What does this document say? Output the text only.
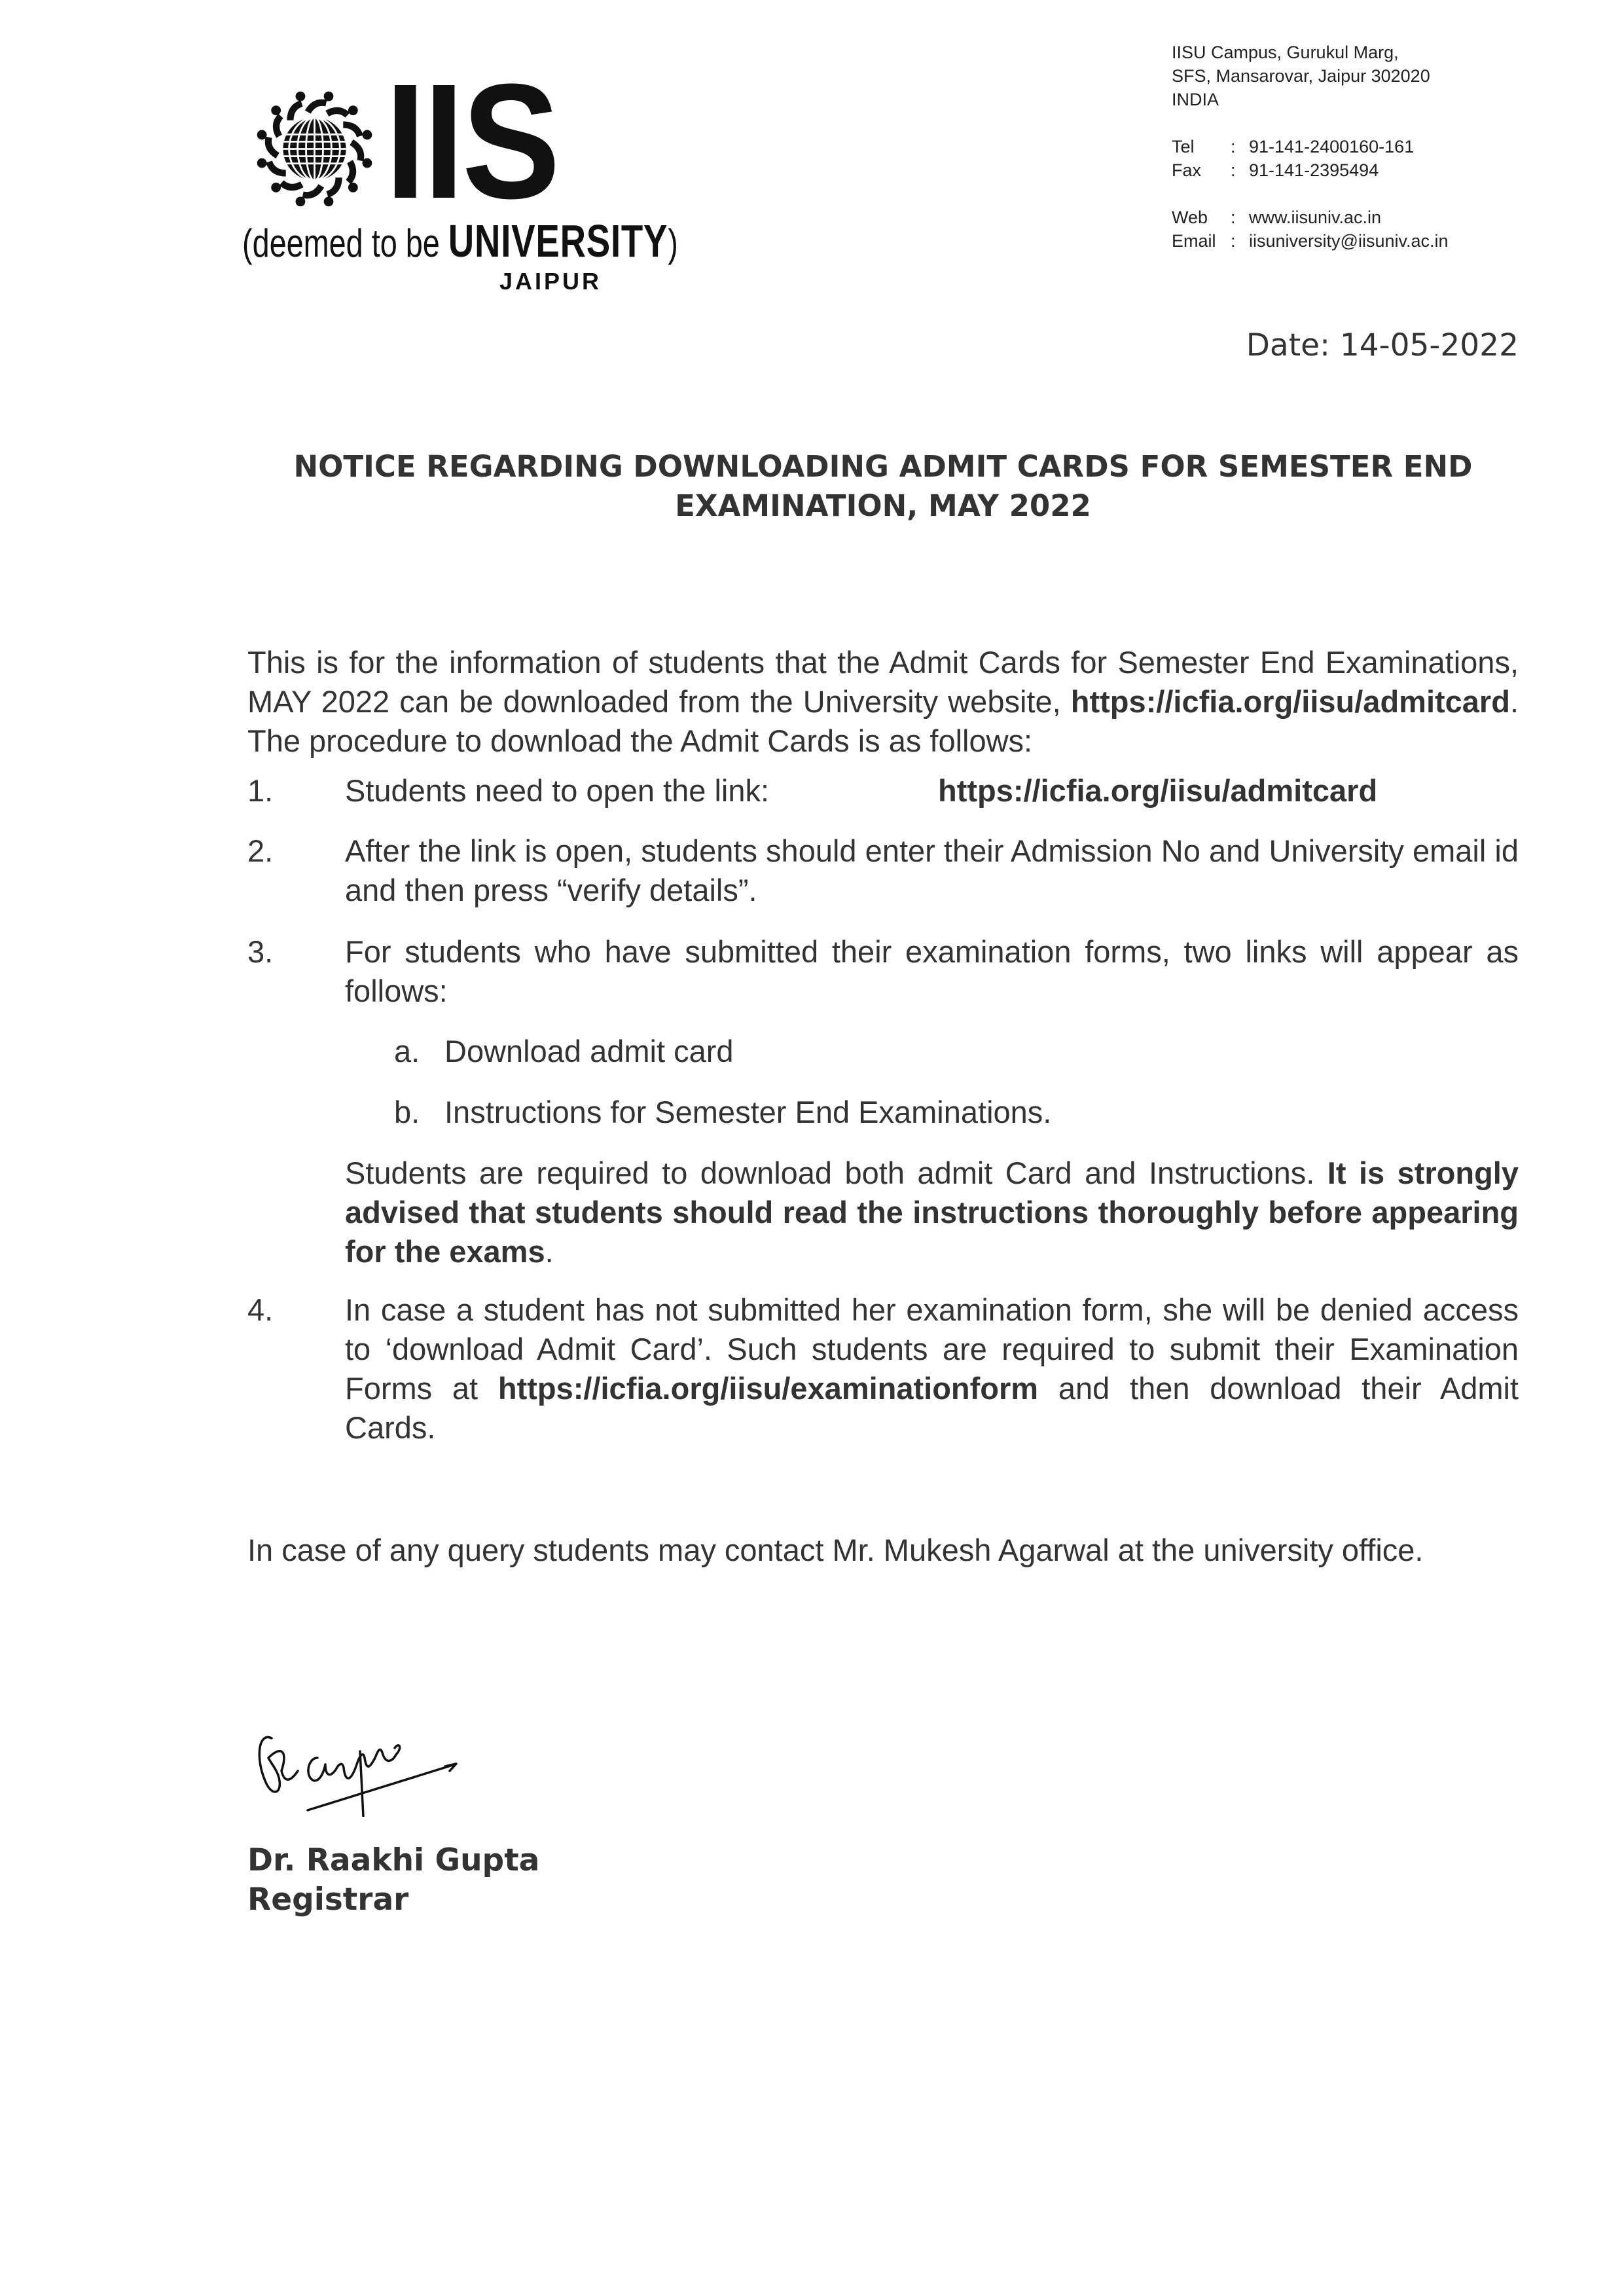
IIS
(deemed to be UNIVERSITY)
JAIPUR
IISU Campus, Gurukul Marg,
SFS, Mansarovar, Jaipur 302020
INDIA
Tel	: 91-141-2400160-161
Fax	: 91-141-2395494
Web	: www.iisuniv.ac.in
Email : iisuniversity@iisuniv.ac.in
Date: 14-05-2022
NOTICE REGARDING DOWNLOADING ADMIT CARDS FOR SEMESTER END
EXAMINATION, MAY 2022
This is for the information of students that the Admit Cards for Semester End Examinations, MAY 2022 can be downloaded from the University website, https://icfia.org/iisu/admitcard. The procedure to download the Admit Cards is as follows:
1. Students need to open the link:	https://icfia.org/iisu/admitcard
2. After the link is open, students should enter their Admission No and University email id and then press “verify details”.
3. For students who have submitted their examination forms, two links will appear as follows:
a. Download admit card
b. Instructions for Semester End Examinations.
Students are required to download both admit Card and Instructions. It is strongly advised that students should read the instructions thoroughly before appearing for the exams.
4. In case a student has not submitted her examination form, she will be denied access to ‘download Admit Card’. Such students are required to submit their Examination Forms at https://icfia.org/iisu/examinationform and then download their Admit Cards.
In case of any query students may contact Mr. Mukesh Agarwal at the university office.
Dr. Raakhi Gupta
Registrar
